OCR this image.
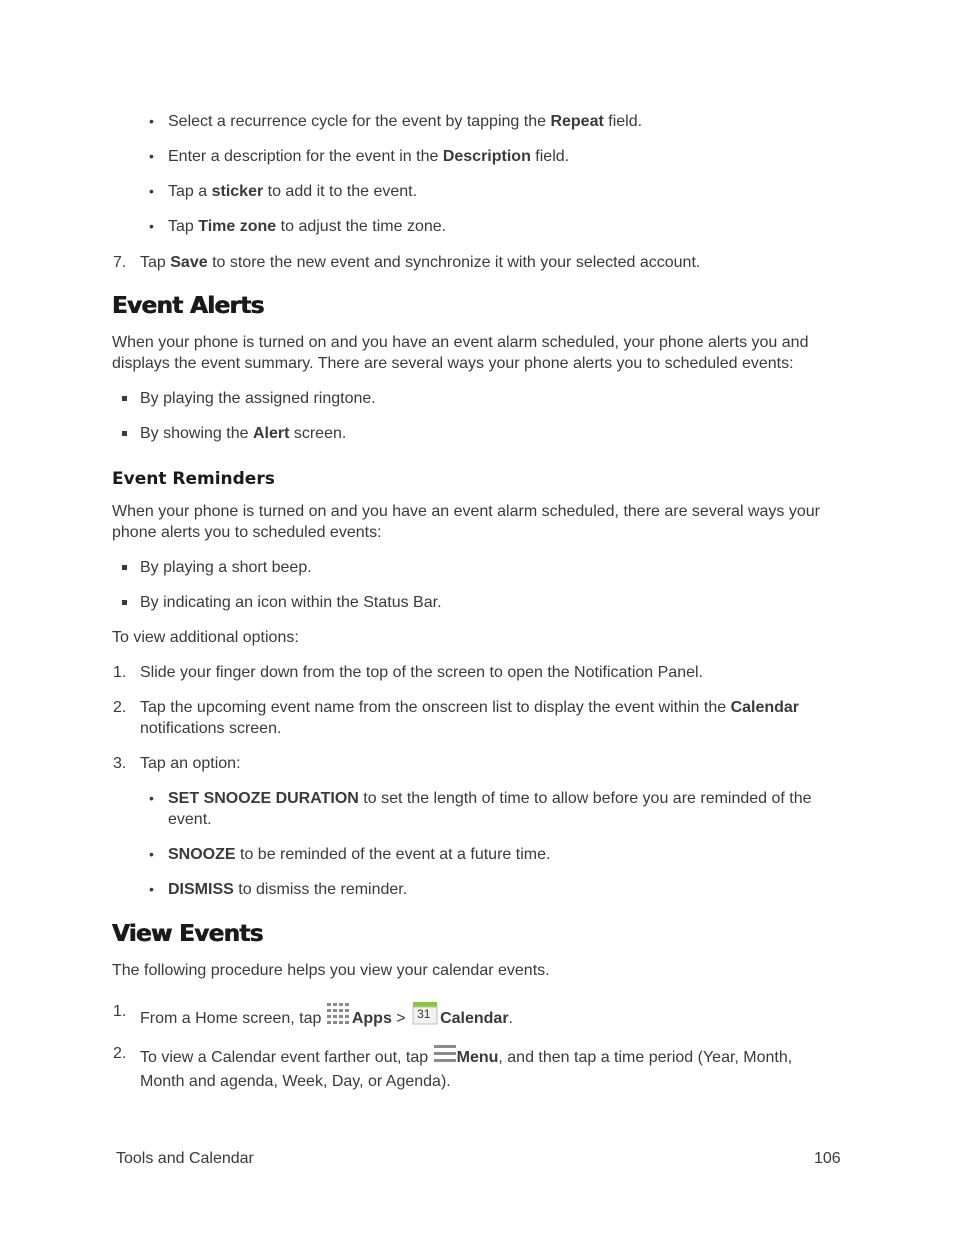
• Select a recurrence cycle for the event by tapping the Repeat field.
• Enter a description for the event in the Description field.
• Tap a sticker to add it to the event.
• Tap Time zone to adjust the time zone.
7. Tap Save to store the new event and synchronize it with your selected account.
Event Alerts
When your phone is turned on and you have an event alarm scheduled, your phone alerts you and
displays the event summary. There are several ways your phone alerts you to scheduled events:
By playing the assigned ringtone.
By showing the Alert screen.
Event Reminders
When your phone is turned on and you have an event alarm scheduled, there are several ways your
phone alerts you to scheduled events:
By playing a short beep.
By indicating an icon within the Status Bar.
To view additional options:
1. Slide your finger down from the top of the screen to open the Notification Panel.
2. Tap the upcoming event name from the onscreen list to display the event within the Calendar
notifications screen.
3. Tap an option:
• SET SNOOZE DURATION to set the length of time to allow before you are reminded of the
event.
• SNOOZE to be reminded of the event at a future time.
• DISMISS to dismiss the reminder.
View Events
The following procedure helps you view your calendar events.
1. From a Home screen, tap Apps > 31 Calendar.
2. To view a Calendar event farther out, tap Menu, and then tap a time period (Year, Month,
Month and agenda, Week, Day, or Agenda).
Tools and Calendar	106
